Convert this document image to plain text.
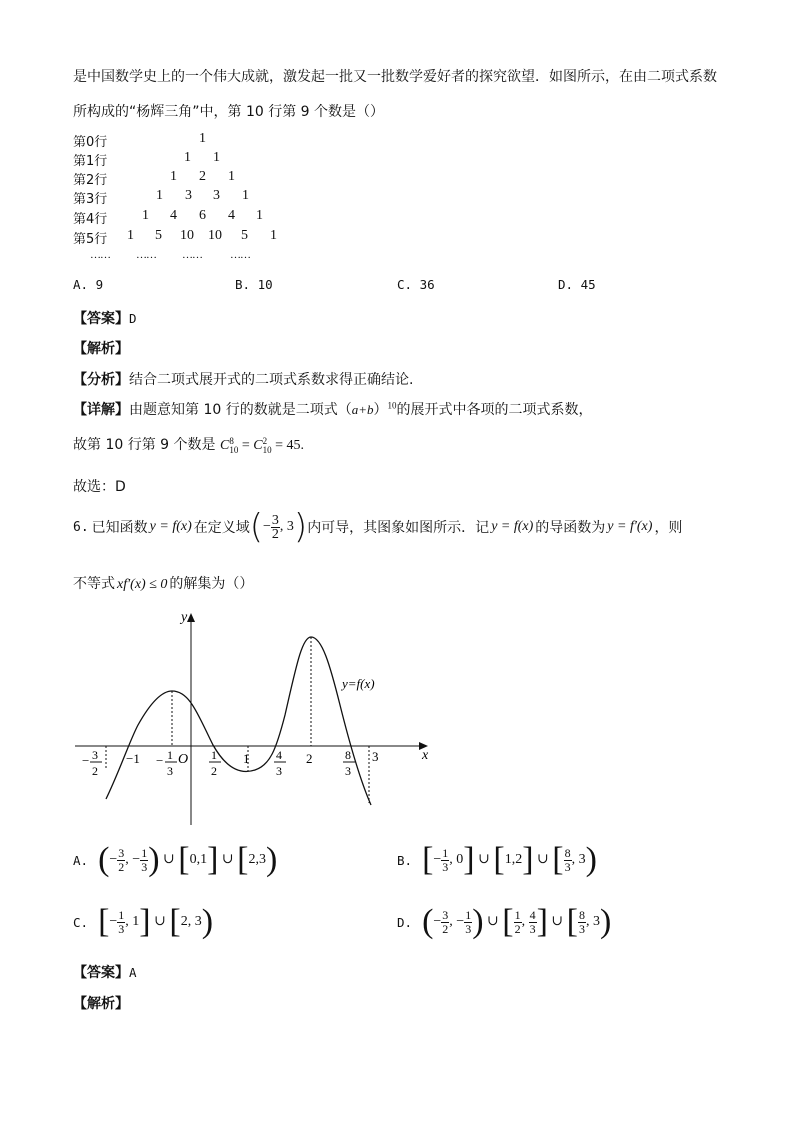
是中国数学史上的一个伟大成就，激发起一批又一批数学爱好者的探究欲望．如图所示，在由二项式系数
所构成的“杨辉三角”中，第 10 行第 9 个数是（）
第0行	1
第1行	1 1
第2行	1 2 1
第3行	1 3 3 1
第4行 1 4 6 4 1
第5行 1 5 10 10 5 1
…… …… ……	……
A. 9	B. 10	C. 36	D. 45
【答案】D
【解析】
【分析】结合二项式展开式的二项式系数求得正确结论.
【详解】由题意知第 10 行的数就是二项式$(a+b)^{10}$的展开式中各项的二项式系数，
故第 10 行第 9 个数是 C 8
10 = C 2
10 = 45.
故选：D
6. 已知函数 y = f(x) 在定义域 ( − $\frac{3}{2}$ , 3 ) 内可导，其图象如图所示．记 y = f(x) 的导函数为 y = f′(x) ，则
不等式 xf′(x) ≤ 0 的解集为（）
y
x
O
y=f(x)
−1	1	2	3
− 3
2
− 1
3
1
2
4
3
8
3
A. (− $\frac{3}{2}$ , − $\frac{1}{3}$ ) ∪ [0,1] ∪ [2,3)	B. [− $\frac{1}{3}$ , 0] ∪ [1,2] ∪ [ $\frac{8}{3}$ , 3)
C. [− $\frac{1}{3}$ , 1] ∪ [2, 3)	D. (− $\frac{3}{2}$ , − $\frac{1}{3}$ ) ∪ [ $\frac{1}{2}$ , $\frac{4}{3}$ ] ∪ [ $\frac{8}{3}$ , 3)
【答案】A
【解析】
